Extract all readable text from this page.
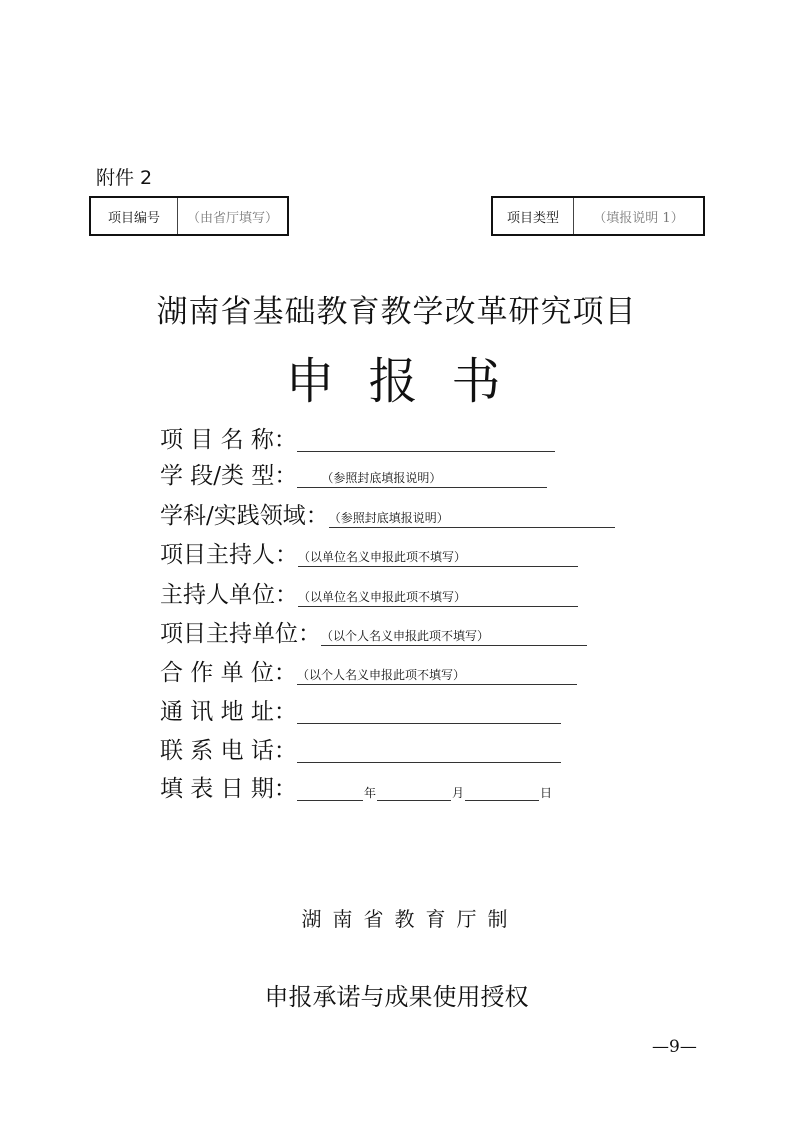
附件 2
项目编号	（由省厅填写）	项目类型	（填报说明 1）
湖南省基础教育教学改革研究项目
申报书
项 目 名 称：
学 段/类 型：	（参照封底填报说明）
学科/实践领域： （参照封底填报说明）
项目主持人： （以单位名义申报此项不填写）
主持人单位： （以单位名义申报此项不填写）
项目主持单位： （以个人名义申报此项不填写）
合 作 单 位： （以个人名义申报此项不填写）
通 讯 地 址：
联 系 电 话：
填 表 日 期：	年	月	日
湖南省教育厅制
申报承诺与成果使用授权
—9—
